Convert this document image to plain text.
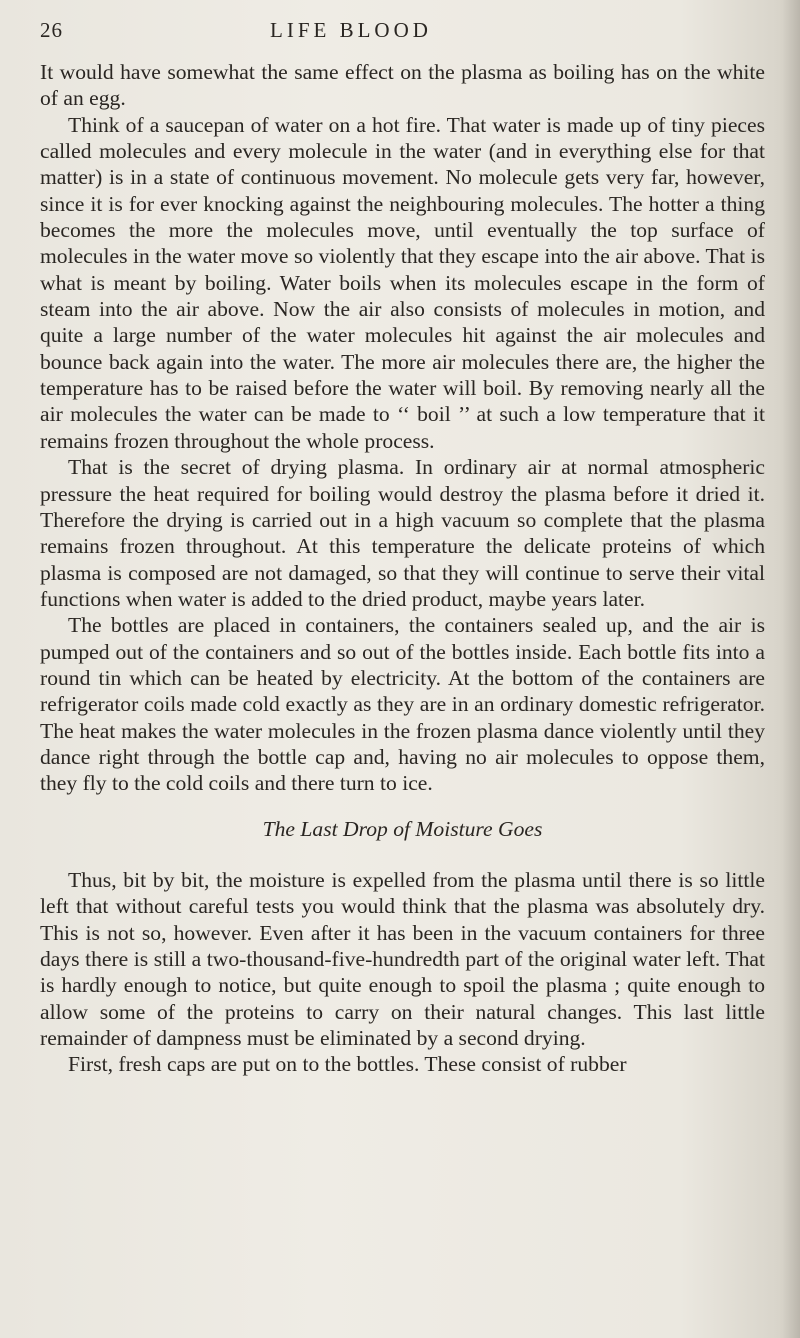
26	LIFE BLOOD

It would have somewhat the same effect on the plasma as boiling has on the white of an egg.

Think of a saucepan of water on a hot fire. That water is made up of tiny pieces called molecules and every molecule in the water (and in everything else for that matter) is in a state of continuous movement. No molecule gets very far, however, since it is for ever knocking against the neighbouring molecules. The hotter a thing becomes the more the molecules move, until eventually the top surface of molecules in the water move so violently that they escape into the air above. That is what is meant by boiling. Water boils when its molecules escape in the form of steam into the air above. Now the air also consists of molecules in motion, and quite a large number of the water molecules hit against the air molecules and bounce back again into the water. The more air molecules there are, the higher the temperature has to be raised before the water will boil. By removing nearly all the air molecules the water can be made to ‘‘ boil ’’ at such a low temperature that it remains frozen throughout the whole process.

That is the secret of drying plasma. In ordinary air at normal atmospheric pressure the heat required for boiling would destroy the plasma before it dried it. Therefore the drying is carried out in a high vacuum so complete that the plasma remains frozen throughout. At this temperature the delicate proteins of which plasma is composed are not damaged, so that they will continue to serve their vital functions when water is added to the dried product, maybe years later.

The bottles are placed in containers, the containers sealed up, and the air is pumped out of the containers and so out of the bottles inside. Each bottle fits into a round tin which can be heated by electricity. At the bottom of the containers are refrigerator coils made cold exactly as they are in an ordinary domestic refrigerator. The heat makes the water molecules in the frozen plasma dance violently until they dance right through the bottle cap and, having no air molecules to oppose them, they fly to the cold coils and there turn to ice.

The Last Drop of Moisture Goes

Thus, bit by bit, the moisture is expelled from the plasma until there is so little left that without careful tests you would think that the plasma was absolutely dry. This is not so, however. Even after it has been in the vacuum containers for three days there is still a two-thousand-five-hundredth part of the original water left. That is hardly enough to notice, but quite enough to spoil the plasma ; quite enough to allow some of the proteins to carry on their natural changes. This last little remainder of dampness must be eliminated by a second drying.

First, fresh caps are put on to the bottles. These consist of rubber
